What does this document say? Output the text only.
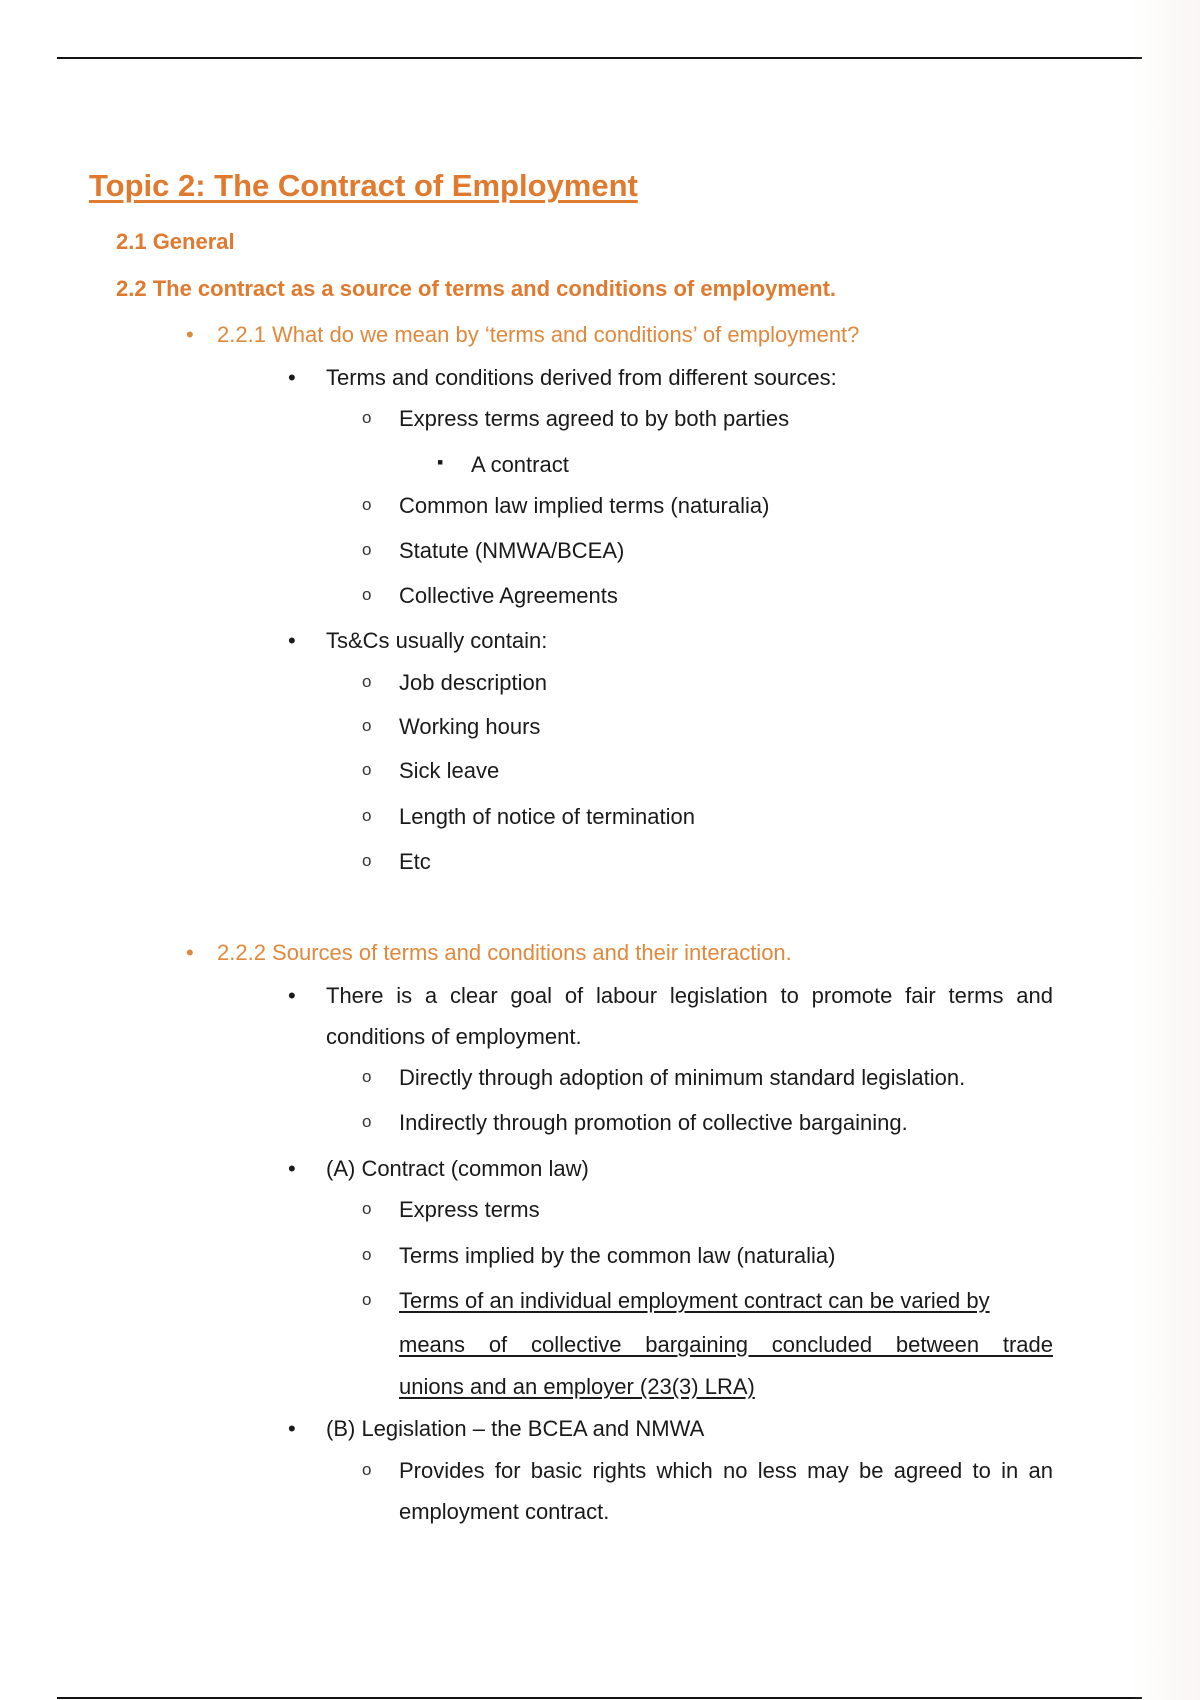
Topic 2: The Contract of Employment
2.1 General
2.2 The contract as a source of terms and conditions of employment.
• 2.2.1 What do we mean by ‘terms and conditions’ of employment?
• Terms and conditions derived from different sources:
o Express terms agreed to by both parties
▪ A contract
o Common law implied terms (naturalia)
o Statute (NMWA/BCEA)
o Collective Agreements
• Ts&Cs usually contain:
o Job description
o Working hours
o Sick leave
o Length of notice of termination
o Etc
• 2.2.2 Sources of terms and conditions and their interaction.
• There is a clear goal of labour legislation to promote fair terms and conditions of employment.
o Directly through adoption of minimum standard legislation.
o Indirectly through promotion of collective bargaining.
• (A) Contract (common law)
o Express terms
o Terms implied by the common law (naturalia)
o Terms of an individual employment contract can be varied by
means of collective bargaining concluded between trade
unions and an employer (23(3) LRA)
• (B) Legislation – the BCEA and NMWA
o Provides for basic rights which no less may be agreed to in an employment contract.
